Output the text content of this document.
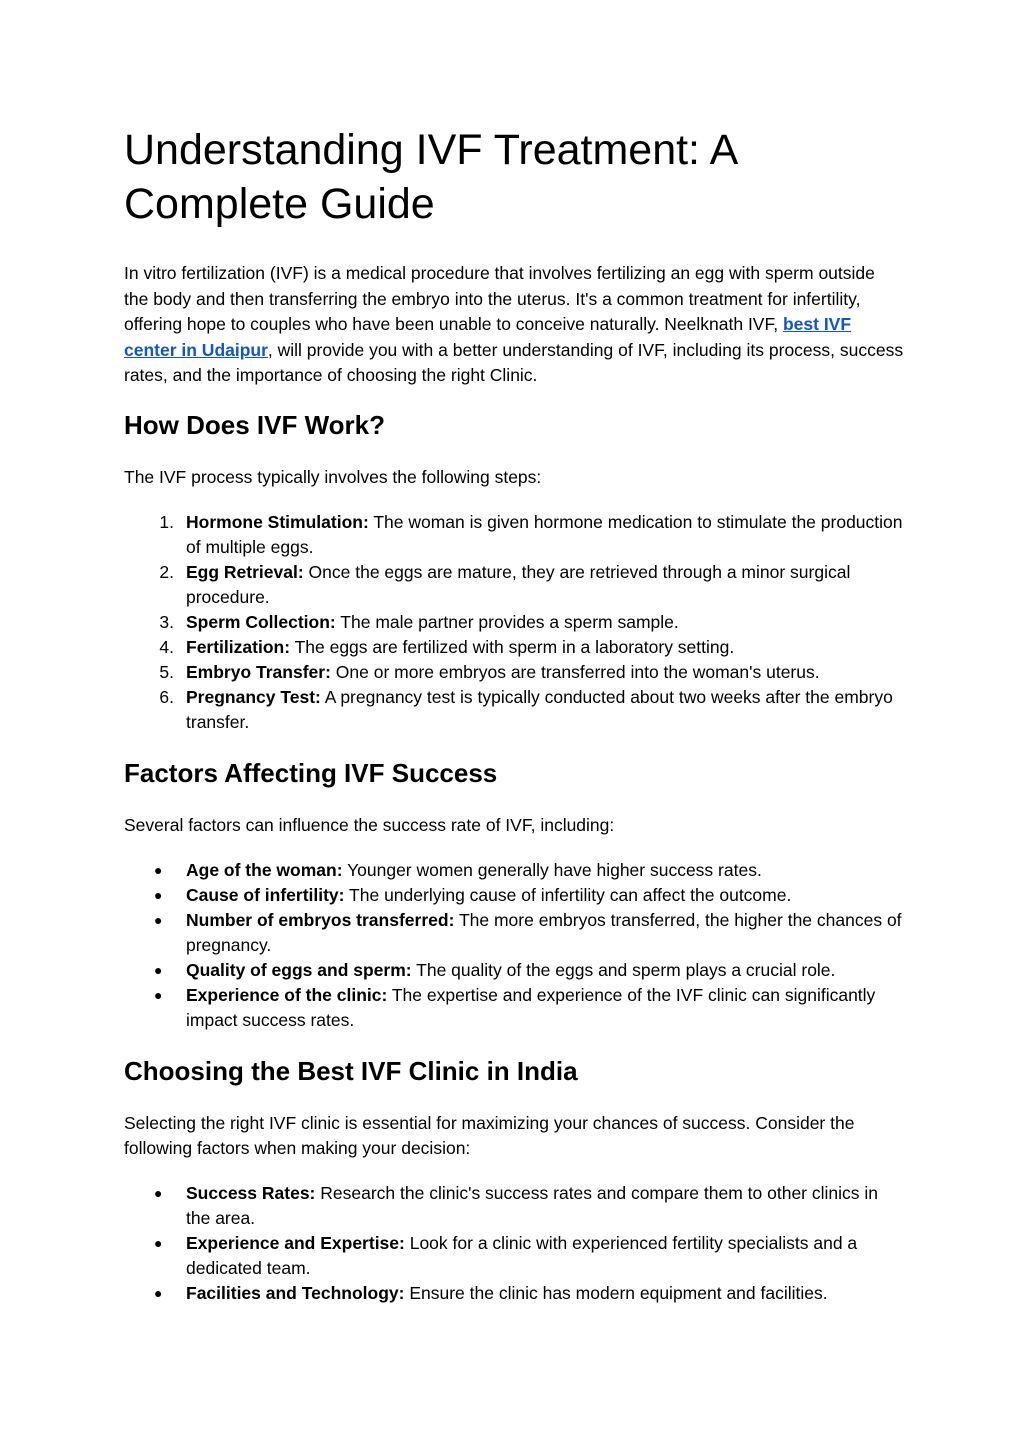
Understanding IVF Treatment: A Complete Guide

In vitro fertilization (IVF) is a medical procedure that involves fertilizing an egg with sperm outside the body and then transferring the embryo into the uterus. It's a common treatment for infertility, offering hope to couples who have been unable to conceive naturally. Neelknath IVF, best IVF center in Udaipur, will provide you with a better understanding of IVF, including its process, success rates, and the importance of choosing the right Clinic.

How Does IVF Work?

The IVF process typically involves the following steps:

1. Hormone Stimulation: The woman is given hormone medication to stimulate the production of multiple eggs.
2. Egg Retrieval: Once the eggs are mature, they are retrieved through a minor surgical procedure.
3. Sperm Collection: The male partner provides a sperm sample.
4. Fertilization: The eggs are fertilized with sperm in a laboratory setting.
5. Embryo Transfer: One or more embryos are transferred into the woman's uterus.
6. Pregnancy Test: A pregnancy test is typically conducted about two weeks after the embryo transfer.
Factors Affecting IVF Success

Several factors can influence the success rate of IVF, including:

●	Age of the woman: Younger women generally have higher success rates.
●	Cause of infertility: The underlying cause of infertility can affect the outcome.
●	Number of embryos transferred: The more embryos transferred, the higher the chances of pregnancy.
●	Quality of eggs and sperm: The quality of the eggs and sperm plays a crucial role.
●	Experience of the clinic: The expertise and experience of the IVF clinic can significantly impact success rates.
Choosing the Best IVF Clinic in India

Selecting the right IVF clinic is essential for maximizing your chances of success. Consider the following factors when making your decision:

●	Success Rates: Research the clinic's success rates and compare them to other clinics in the area.
●	Experience and Expertise: Look for a clinic with experienced fertility specialists and a dedicated team.
●	Facilities and Technology: Ensure the clinic has modern equipment and facilities.
